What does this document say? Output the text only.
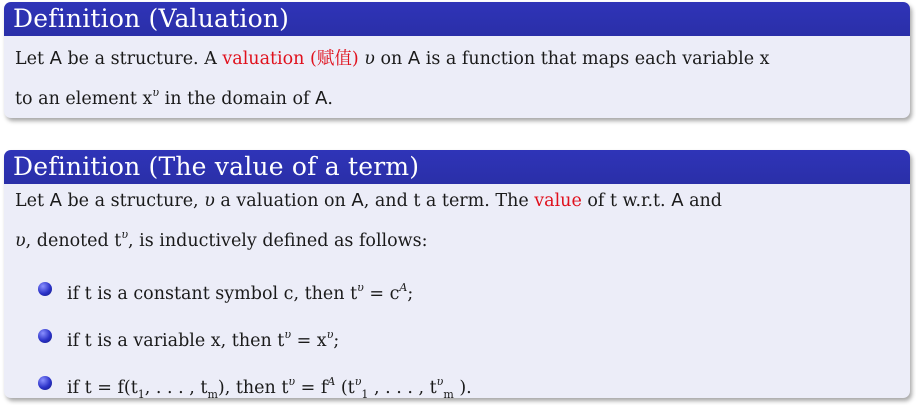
Definition (Valuation)
Let A be a structure. A valuation (赋值) υ on A is a function that maps each variable x
to an element $x^\upsilon$ in the domain of A.
Definition (The value of a term)
Let A be a structure, υ a valuation on A, and t a term. The value of t w.r.t. A and
υ, denoted $t^\upsilon$, is inductively defined as follows:
if t is a constant symbol c, then $t^\upsilon = c^A$;
if t is a variable x, then $t^\upsilon = x^\upsilon$;
if $t = f(t_1$, . . . , $t_m$), then $t^\upsilon = f^A$ ($t^\upsilon_1$ , . . . , $t^\upsilon_m$ ).
